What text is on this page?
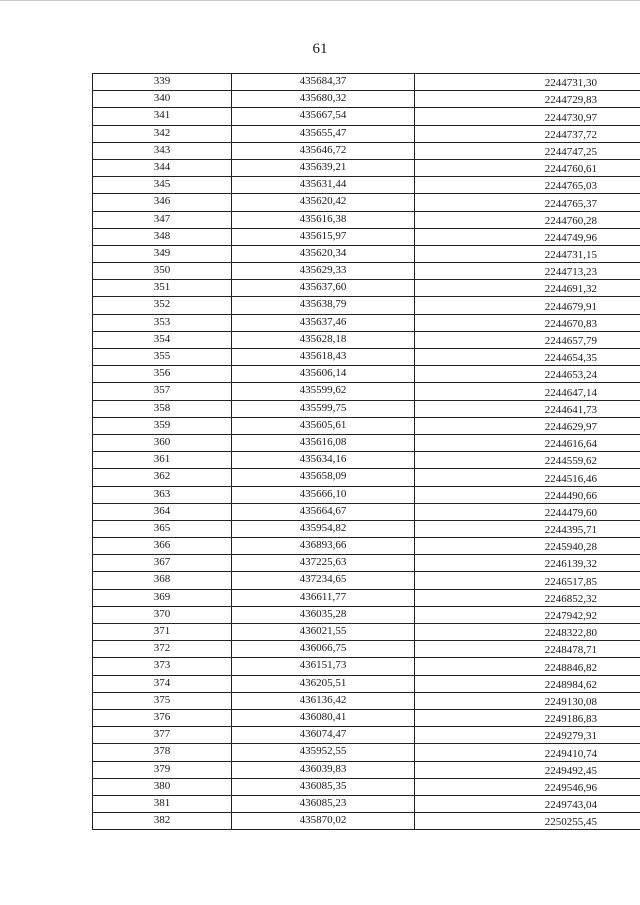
61
339	435684,37	2244731,30
340	435680,32	2244729,83
341	435667,54	2244730,97
342	435655,47	2244737,72
343	435646,72	2244747,25
344	435639,21	2244760,61
345	435631,44	2244765,03
346	435620,42	2244765,37
347	435616,38	2244760,28
348	435615,97	2244749,96
349	435620,34	2244731,15
350	435629,33	2244713,23
351	435637,60	2244691,32
352	435638,79	2244679,91
353	435637,46	2244670,83
354	435628,18	2244657,79
355	435618,43	2244654,35
356	435606,14	2244653,24
357	435599,62	2244647,14
358	435599,75	2244641,73
359	435605,61	2244629,97
360	435616,08	2244616,64
361	435634,16	2244559,62
362	435658,09	2244516,46
363	435666,10	2244490,66
364	435664,67	2244479,60
365	435954,82	2244395,71
366	436893,66	2245940,28
367	437225,63	2246139,32
368	437234,65	2246517,85
369	436611,77	2246852,32
370	436035,28	2247942,92
371	436021,55	2248322,80
372	436066,75	2248478,71
373	436151,73	2248846,82
374	436205,51	2248984,62
375	436136,42	2249130,08
376	436080,41	2249186,83
377	436074,47	2249279,31
378	435952,55	2249410,74
379	436039,83	2249492,45
380	436085,35	2249546,96
381	436085,23	2249743,04
382	435870,02	2250255,45
